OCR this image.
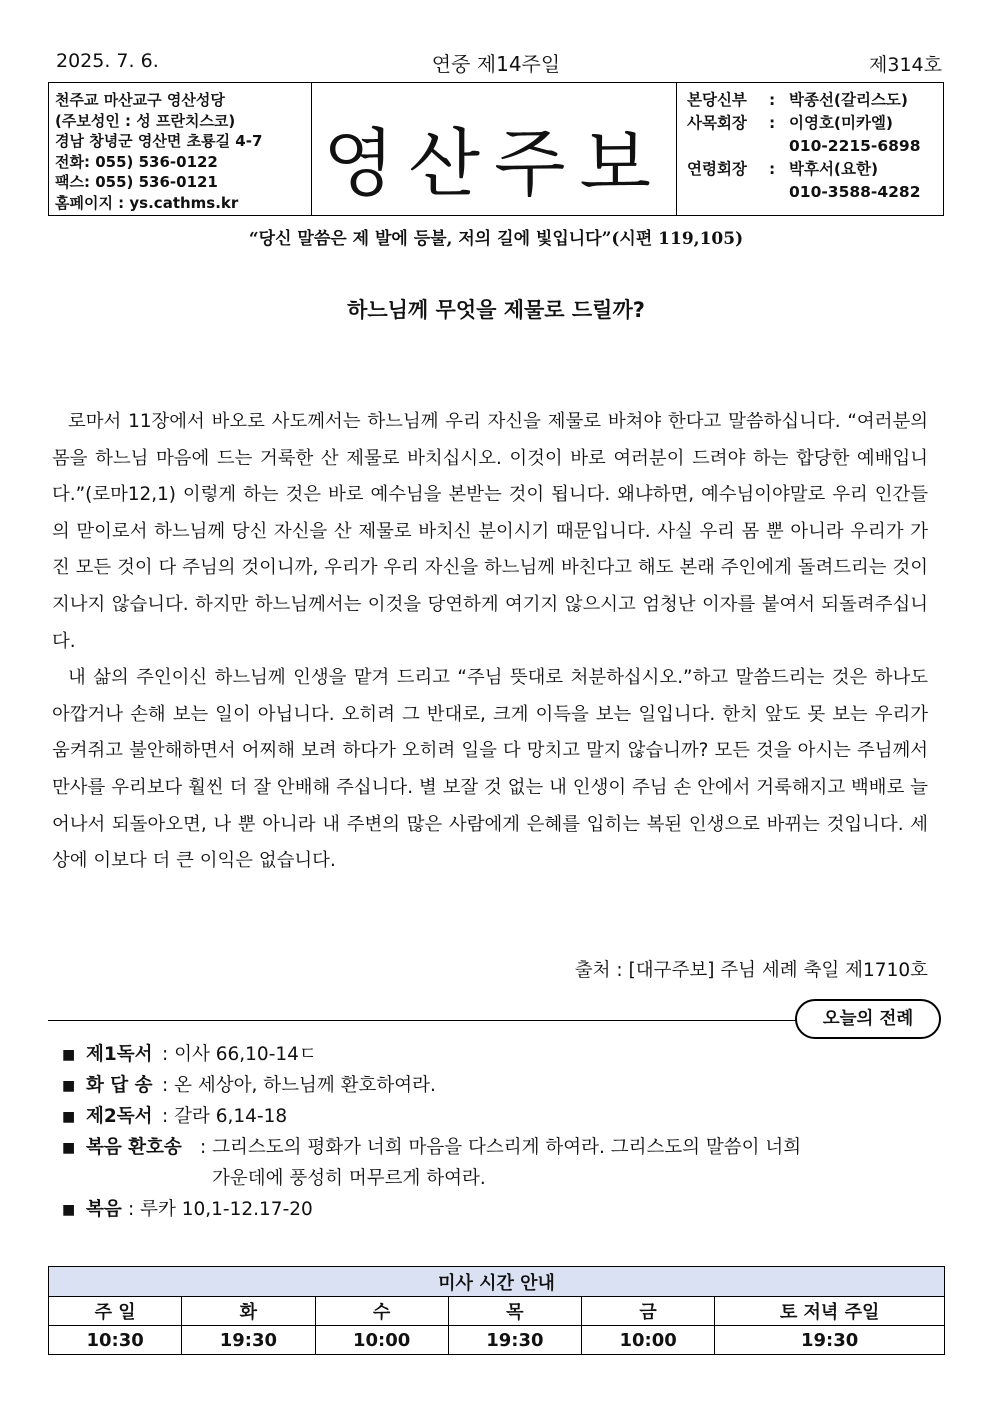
2025. 7. 6.	연중 제14주일	제314호
천주교 마산교구 영산성당
(주보성인 : 성 프란치스코)
경남 창녕군 영산면 초룡길 4-7
전화: 055) 536-0122
팩스: 055) 536-0121
홈페이지 : ys.cathms.kr	영산주보
본당신부	: 박종선(갈리스도)
사목회장	: 이영호(미카엘)
010-2215-6898
연령회장	: 박후서(요한)
010-3588-4282
“당신 말씀은 제 발에 등불, 저의 길에 빛입니다”(시편 119,105)
하느님께 무엇을 제물로 드릴까?

로마서 11장에서 바오로 사도께서는 하느님께 우리 자신을 제물로 바쳐야 한다고 말씀하십니다. “여러분의 몸을 하느님 마음에 드는 거룩한 산 제물로 바치십시오. 이것이 바로 여러분이 드려야 하는 합당한 예배입니다.”(로마12,1) 이렇게 하는 것은 바로 예수님을 본받는 것이 됩니다. 왜냐하면, 예수님이야말로 우리 인간들의 맏이로서 하느님께 당신 자신을 산 제물로 바치신 분이시기 때문입니다. 사실 우리 몸 뿐 아니라 우리가 가진 모든 것이 다 주님의 것이니까, 우리가 우리 자신을 하느님께 바친다고 해도 본래 주인에게 돌려드리는 것이 지나지 않습니다. 하지만 하느님께서는 이것을 당연하게 여기지 않으시고 엄청난 이자를 붙여서 되돌려주십니다.

내 삶의 주인이신 하느님께 인생을 맡겨 드리고 “주님 뜻대로 처분하십시오.”하고 말씀드리는 것은 하나도 아깝거나 손해 보는 일이 아닙니다. 오히려 그 반대로, 크게 이득을 보는 일입니다. 한치 앞도 못 보는 우리가 움켜쥐고 불안해하면서 어찌해 보려 하다가 오히려 일을 다 망치고 말지 않습니까? 모든 것을 아시는 주님께서 만사를 우리보다 훨씬 더 잘 안배해 주십니다. 별 보잘 것 없는 내 인생이 주님 손 안에서 거룩해지고 백배로 늘어나서 되돌아오면, 나 뿐 아니라 내 주변의 많은 사람에게 은혜를 입히는 복된 인생으로 바뀌는 것입니다. 세상에 이보다 더 큰 이익은 없습니다.

출처 : [대구주보] 주님 세례 축일 제1710호
오늘의 전례
■ 제1독서 : 이사 66,10-14ㄷ
■ 화 답 송 : 온 세상아, 하느님께 환호하여라.
■ 제2독서 : 갈라 6,14-18
■ 복음 환호송 : 그리스도의 평화가 너희 마음을 다스리게 하여라. 그리스도의 말씀이 너희
가운데에 풍성히 머무르게 하여라.
■ 복음 : 루카 10,1-12.17-20
미사 시간 안내					
주 일	화	수	목	금	토 저녁 주일
10:30	19:30	10:00	19:30	10:00	19:30
